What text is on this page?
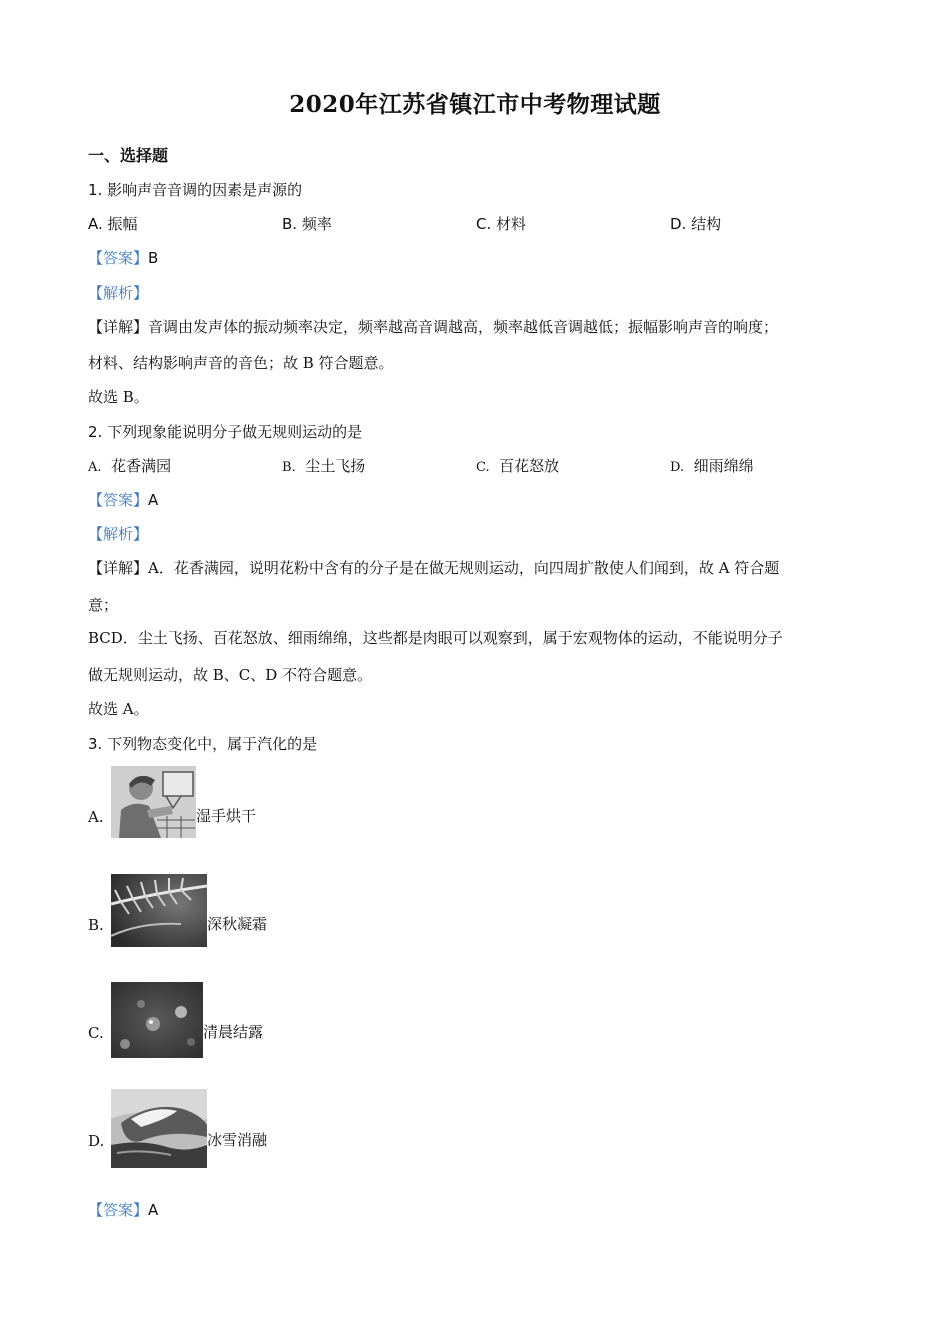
2020年江苏省镇江市中考物理试题
一、选择题
1. 影响声音音调的因素是声源的
A. 振幅	B. 频率	C. 材料	D. 结构
【答案】B
【解析】
【详解】音调由发声体的振动频率决定，频率越高音调越高，频率越低音调越低；振幅影响声音的响度；
材料、结构影响声音的音色；故 B 符合题意。
故选 B。
2. 下列现象能说明分子做无规则运动的是
A. 花香满园	B. 尘土飞扬	C. 百花怒放	D. 细雨绵绵
【答案】A
【解析】
【详解】A．花香满园，说明花粉中含有的分子是在做无规则运动，向四周扩散使人们闻到，故 A 符合题
意；
BCD．尘土飞扬、百花怒放、细雨绵绵，这些都是肉眼可以观察到，属于宏观物体的运动，不能说明分子
做无规则运动，故 B、C、D 不符合题意。
故选 A。
3. 下列物态变化中，属于汽化的是
A.	湿手烘干
B.	深秋凝霜
C.	清晨结露
D.	冰雪消融
【答案】A
